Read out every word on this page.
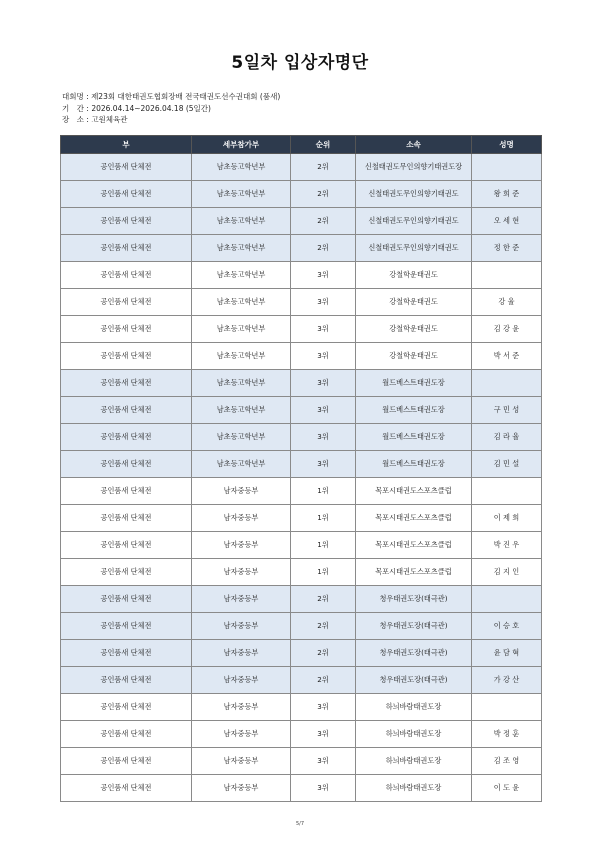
5일차 입상자명단
대회명 : 제23회 대한태권도협회장배 전국태권도선수권대회 (품새)
기　간 : 2026.04.14~2026.04.18 (5일간)
장　소 : 고원체육관
부	세부참가부	순위	소속	성명
공인품새 단체전	남초등고학년부	2위	신철태권도무인의향기태권도장	
공인품새 단체전	남초등고학년부	2위	신철태권도무인의향기태권도	왕 희 준
공인품새 단체전	남초등고학년부	2위	신철태권도무인의향기태권도	오 세 현
공인품새 단체전	남초등고학년부	2위	신철태권도무인의향기태권도	정 한 준
공인품새 단체전	남초등고학년부	3위	강철학운태권도	
공인품새 단체전	남초등고학년부	3위	강철학운태권도	강 율
공인품새 단체전	남초등고학년부	3위	강철학운태권도	김 강 윤
공인품새 단체전	남초등고학년부	3위	강철학운태권도	박 서 준
공인품새 단체전	남초등고학년부	3위	월드베스트태권도장	
공인품새 단체전	남초등고학년부	3위	월드베스트태권도장	구 민 성
공인품새 단체전	남초등고학년부	3위	월드베스트태권도장	김 라 율
공인품새 단체전	남초등고학년부	3위	월드베스트태권도장	김 민 설
공인품새 단체전	남자중등부	1위	목포시태권도스포츠클럽	
공인품새 단체전	남자중등부	1위	목포시태권도스포츠클럽	이 제 희
공인품새 단체전	남자중등부	1위	목포시태권도스포츠클럽	박 진 우
공인품새 단체전	남자중등부	1위	목포시태권도스포츠클럽	김 지 인
공인품새 단체전	남자중등부	2위	청우태권도장(태극관)	
공인품새 단체전	남자중등부	2위	청우태권도장(태극관)	이 승 호
공인품새 단체전	남자중등부	2위	청우태권도장(태극관)	윤 담 혁
공인품새 단체전	남자중등부	2위	청우태권도장(태극관)	가 강 산
공인품새 단체전	남자중등부	3위	하늬바람태권도장	
공인품새 단체전	남자중등부	3위	하늬바람태권도장	박 정 훈
공인품새 단체전	남자중등부	3위	하늬바람태권도장	김 조 영
공인품새 단체전	남자중등부	3위	하늬바람태권도장	이 도 윤
5/7
